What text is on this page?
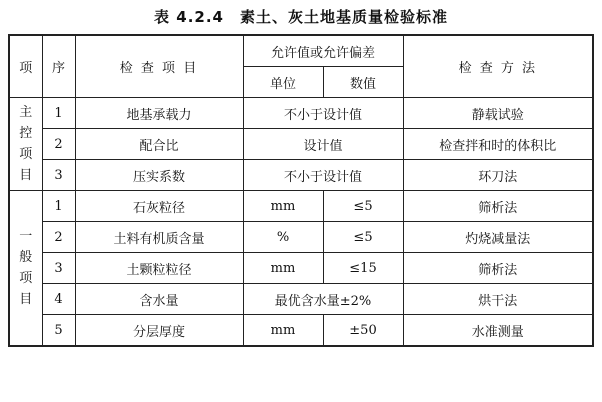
表 4.2.4　素土、灰土地基质量检验标准
项	序	检 查 项 目	允许值或允许偏差		检 查 方 法
			单位	数值	

主
控
项
目	1	地基承载力	不小于设计值		静载试验
	2	配合比	设计值		检查拌和时的体积比
	3	压实系数	不小于设计值		环刀法

一
般
项
目	1	石灰粒径	mm	≤5	筛析法
	2	土料有机质含量	%	≤5	灼烧减量法
	3	土颗粒粒径	mm	≤15	筛析法
	4	含水量	最优含水量±2%		烘干法
	5	分层厚度	mm	±50	水准测量
